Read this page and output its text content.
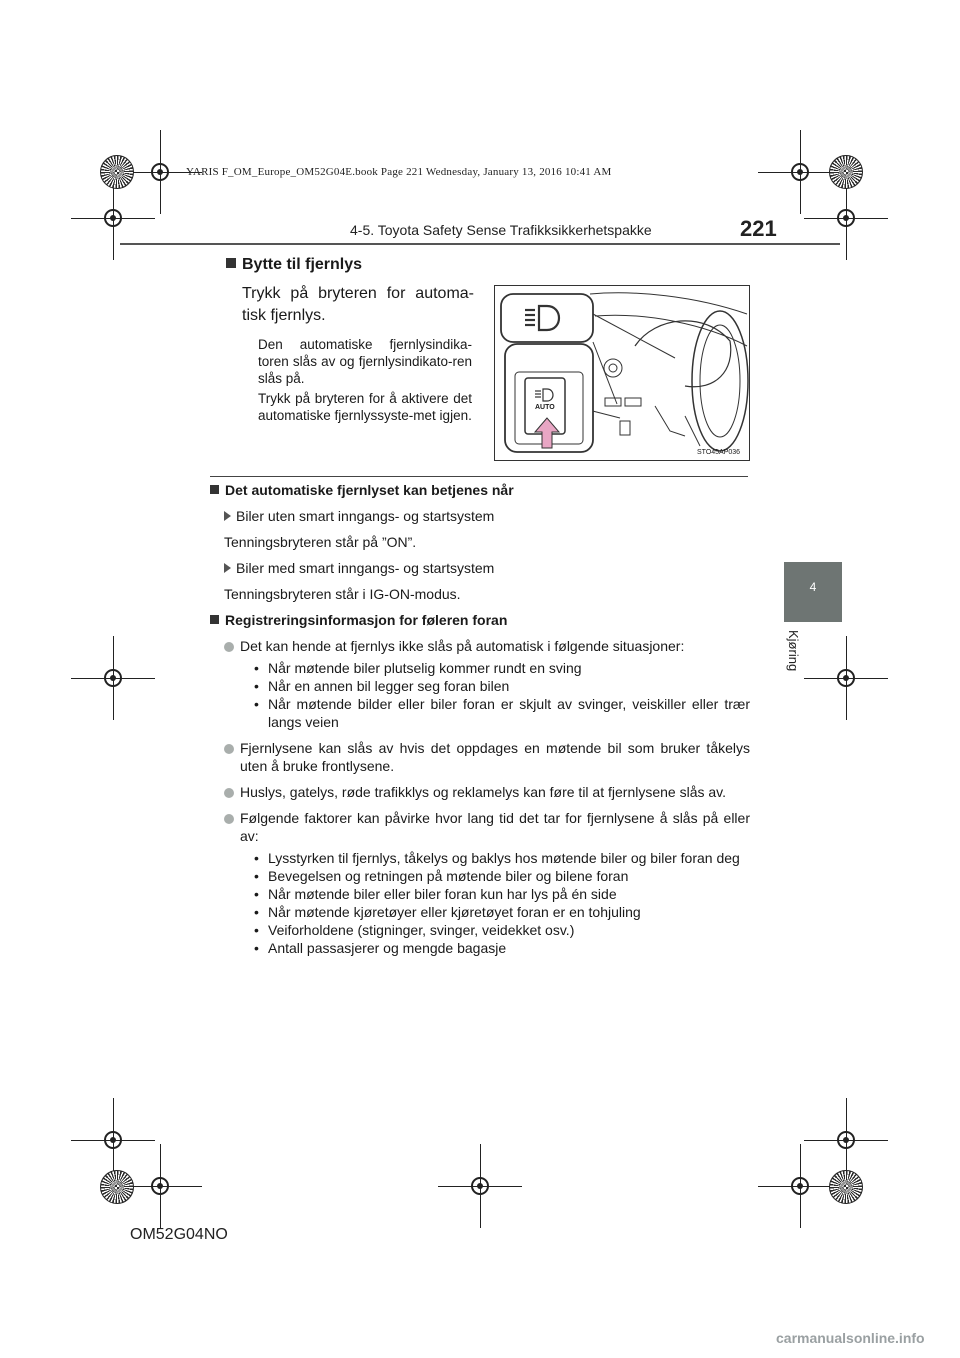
YARIS F_OM_Europe_OM52G04E.book Page 221 Wednesday, January 13, 2016 10:41 AM
4-5. Toyota Safety Sense Trafikksikkerhetspakke	221
4
Kjøring
Bytte til fjernlys
Trykk på bryteren for automa-tisk fjernlys.
Den automatiske fjernlysindika-toren slås av og fjernlysindikato-ren slås på.
Trykk på bryteren for å aktivere det automatiske fjernlyssyste-met igjen.
AUTO
STO45AP036
Det automatiske fjernlyset kan betjenes når
Biler uten smart inngangs- og startsystem
Tenningsbryteren står på ”ON”.
Biler med smart inngangs- og startsystem
Tenningsbryteren står i IG-ON-modus.
Registreringsinformasjon for føleren foran
Det kan hende at fjernlys ikke slås på automatisk i følgende situasjoner:
• Når møtende biler plutselig kommer rundt en sving
• Når en annen bil legger seg foran bilen
• Når møtende bilder eller biler foran er skjult av svinger, veiskiller eller trær langs veien
Fjernlysene kan slås av hvis det oppdages en møtende bil som bruker tåkelys uten å bruke frontlysene.
Huslys, gatelys, røde trafikklys og reklamelys kan føre til at fjernlysene slås av.
Følgende faktorer kan påvirke hvor lang tid det tar for fjernlysene å slås på eller av:
• Lysstyrken til fjernlys, tåkelys og baklys hos møtende biler og biler foran deg
• Bevegelsen og retningen på møtende biler og bilene foran
• Når møtende biler eller biler foran kun har lys på én side
• Når møtende kjøretøyer eller kjøretøyet foran er en tohjuling
• Veiforholdene (stigninger, svinger, veidekket osv.)
• Antall passasjerer og mengde bagasje
OM52G04NO
carmanualsonline.info
